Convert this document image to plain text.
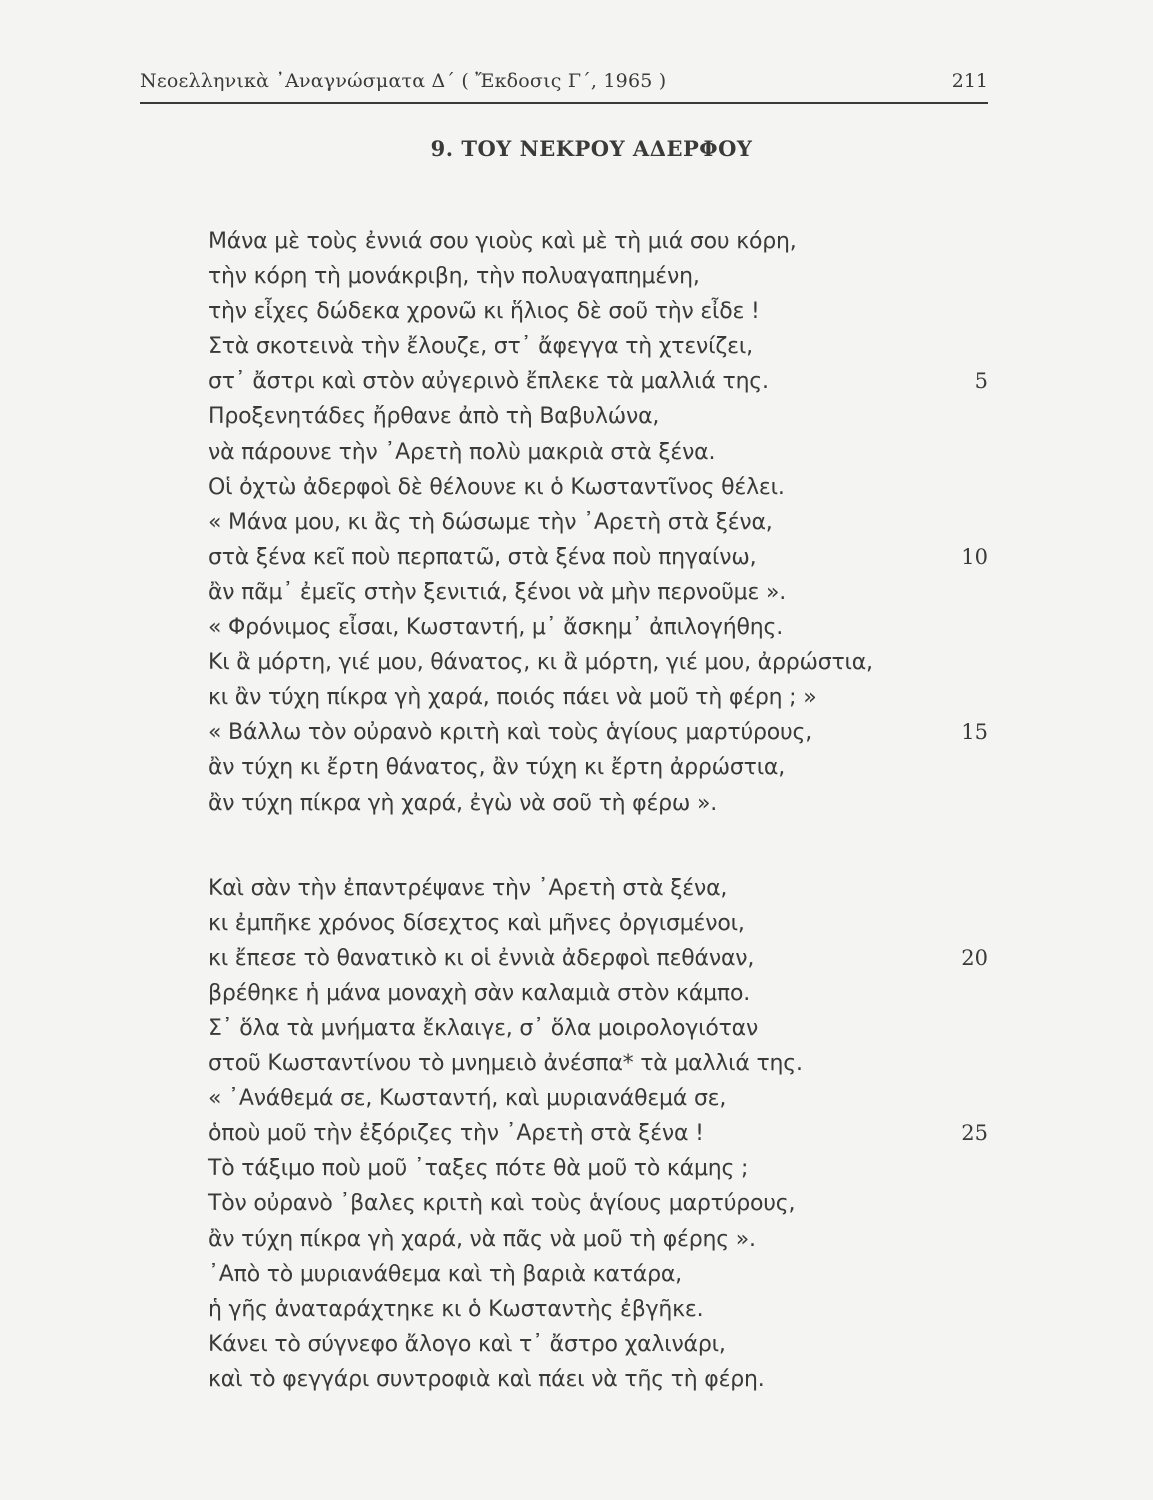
Νεοελληνικὰ ᾿Αναγνώσματα Δ΄ ( Ἔκδοσις Γ΄, 1965 )	211
9. ΤΟΥ ΝΕΚΡΟΥ ΑΔΕΡΦΟΥ
Μάνα μὲ τοὺς ἐννιά σου γιοὺς καὶ μὲ τὴ μιά σου κόρη,
τὴν κόρη τὴ μονάκριβη, τὴν πολυαγαπημένη,
τὴν εἶχες δώδεκα χρονῶ κι ἥλιος δὲ σοῦ τὴν εἶδε !
Στὰ σκοτεινὰ τὴν ἔλουζε, στ᾿ ἄφεγγα τὴ χτενίζει,
στ᾿ ἄστρι καὶ στὸν αὐγερινὸ ἔπλεκε τὰ μαλλιά της.	5
Προξενητάδες ἤρθανε ἀπὸ τὴ Βαβυλώνα,
νὰ πάρουνε τὴν ᾿Αρετὴ πολὺ μακριὰ στὰ ξένα.
Οἱ ὀχτὼ ἀδερφοὶ δὲ θέλουνε κι ὁ Κωσταντῖνος θέλει.
« Μάνα μου, κι ἂς τὴ δώσωμε τὴν ᾿Αρετὴ στὰ ξένα,
στὰ ξένα κεῖ ποὺ περπατῶ, στὰ ξένα ποὺ πηγαίνω,	10
ἂν πᾶμ᾿ ἐμεῖς στὴν ξενιτιά, ξένοι νὰ μὴν περνοῦμε ».
« Φρόνιμος εἶσαι, Κωσταντή, μ᾿ ἄσκημ᾿ ἀπιλογήθης.
Κι ἂ μόρτη, γιέ μου, θάνατος, κι ἂ μόρτη, γιέ μου, ἀρρώστια,
κι ἂν τύχη πίκρα γὴ χαρά, ποιός πάει νὰ μοῦ τὴ φέρη ; »
« Βάλλω τὸν οὐρανὸ κριτὴ καὶ τοὺς ἁγίους μαρτύρους,	15
ἂν τύχη κι ἔρτη θάνατος, ἂν τύχη κι ἔρτη ἀρρώστια,
ἂν τύχη πίκρα γὴ χαρά, ἐγὼ νὰ σοῦ τὴ φέρω ».
Καὶ σὰν τὴν ἐπαντρέψανε τὴν ᾿Αρετὴ στὰ ξένα,
κι ἐμπῆκε χρόνος δίσεχτος καὶ μῆνες ὀργισμένοι,
κι ἔπεσε τὸ θανατικὸ κι οἱ ἐννιὰ ἀδερφοὶ πεθάναν,	20
βρέθηκε ἡ μάνα μοναχὴ σὰν καλαμιὰ στὸν κάμπο.
Σ᾿ ὅλα τὰ μνήματα ἔκλαιγε, σ᾿ ὅλα μοιρολογιόταν
στοῦ Κωσταντίνου τὸ μνημειὸ ἀνέσπα* τὰ μαλλιά της.
« ᾿Ανάθεμά σε, Κωσταντή, καὶ μυριανάθεμά σε,
ὁποὺ μοῦ τὴν ἐξόριζες τὴν ᾿Αρετὴ στὰ ξένα !	25
Τὸ τάξιμο ποὺ μοῦ ᾿ταξες πότε θὰ μοῦ τὸ κάμης ;
Τὸν οὐρανὸ ᾿βαλες κριτὴ καὶ τοὺς ἁγίους μαρτύρους,
ἂν τύχη πίκρα γὴ χαρά, νὰ πᾶς νὰ μοῦ τὴ φέρης ».
᾿Απὸ τὸ μυριανάθεμα καὶ τὴ βαριὰ κατάρα,
ἡ γῆς ἀναταράχτηκε κι ὁ Κωσταντὴς ἐβγῆκε.
Κάνει τὸ σύγνεφο ἄλογο καὶ τ᾿ ἄστρο χαλινάρι,
καὶ τὸ φεγγάρι συντροφιὰ καὶ πάει νὰ τῆς τὴ φέρη.
